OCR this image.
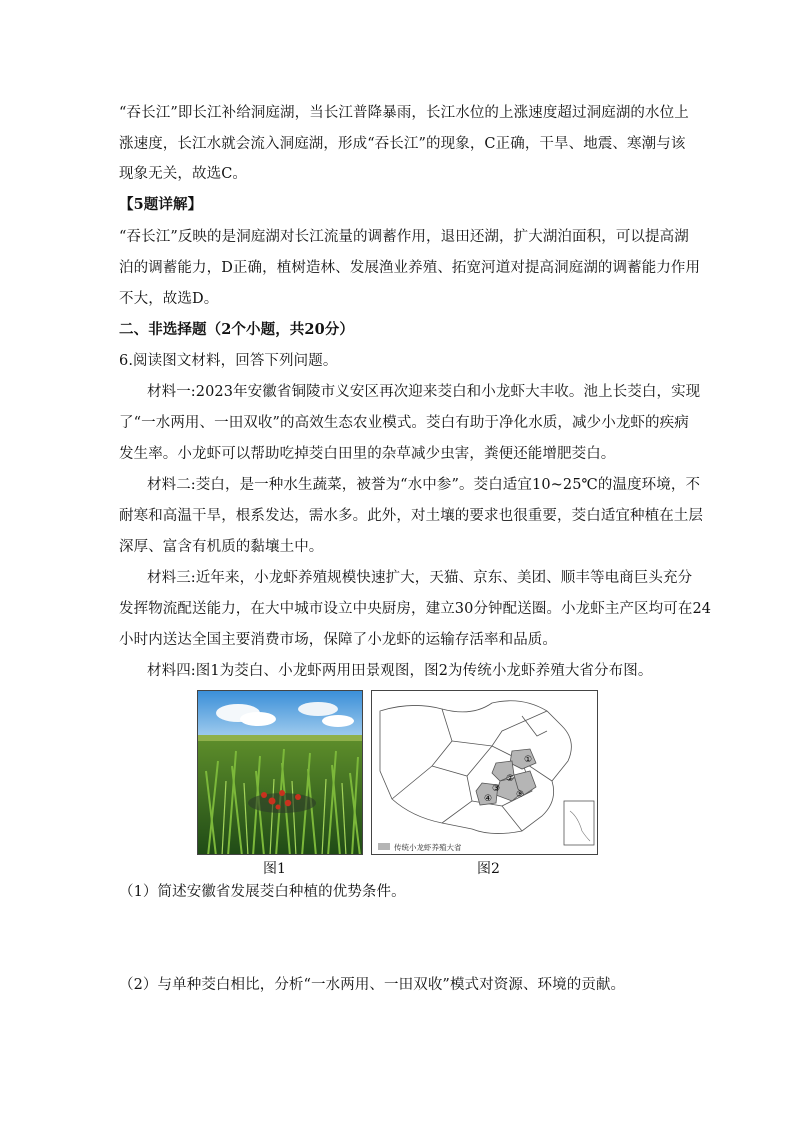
“吞长江”即长江补给洞庭湖，当长江普降暴雨，长江水位的上涨速度超过洞庭湖的水位上
涨速度，长江水就会流入洞庭湖，形成“吞长江”的现象，C正确，干旱、地震、寒潮与该
现象无关，故选C。
【5题详解】
“吞长江”反映的是洞庭湖对长江流量的调蓄作用，退田还湖，扩大湖泊面积，可以提高湖
泊的调蓄能力，D正确，植树造林、发展渔业养殖、拓宽河道对提高洞庭湖的调蓄能力作用
不大，故选D。
二、非选择题（2个小题，共20分）
6.阅读图文材料，回答下列问题。
材料一:2023年安徽省铜陵市义安区再次迎来茭白和小龙虾大丰收。池上长茭白，实现
了“一水两用、一田双收”的高效生态农业模式。茭白有助于净化水质，减少小龙虾的疾病
发生率。小龙虾可以帮助吃掉茭白田里的杂草减少虫害，粪便还能增肥茭白。
材料二:茭白，是一种水生蔬菜，被誉为“水中参”。茭白适宜10~25℃的温度环境，不
耐寒和高温干旱，根系发达，需水多。此外，对土壤的要求也很重要，茭白适宜种植在土层
深厚、富含有机质的黏壤土中。
材料三:近年来，小龙虾养殖规模快速扩大，天猫、京东、美团、顺丰等电商巨头充分
发挥物流配送能力，在大中城市设立中央厨房，建立30分钟配送圈。小龙虾主产区均可在24
小时内送达全国主要消费市场，保障了小龙虾的运输存活率和品质。
材料四:图1为茭白、小龙虾两用田景观图，图2为传统小龙虾养殖大省分布图。
①
②
③
④	⑤
传统小龙虾养殖大省
图1	图2
（1）简述安徽省发展茭白种植的优势条件。
（2）与单种茭白相比，分析“一水两用、一田双收”模式对资源、环境的贡献。
